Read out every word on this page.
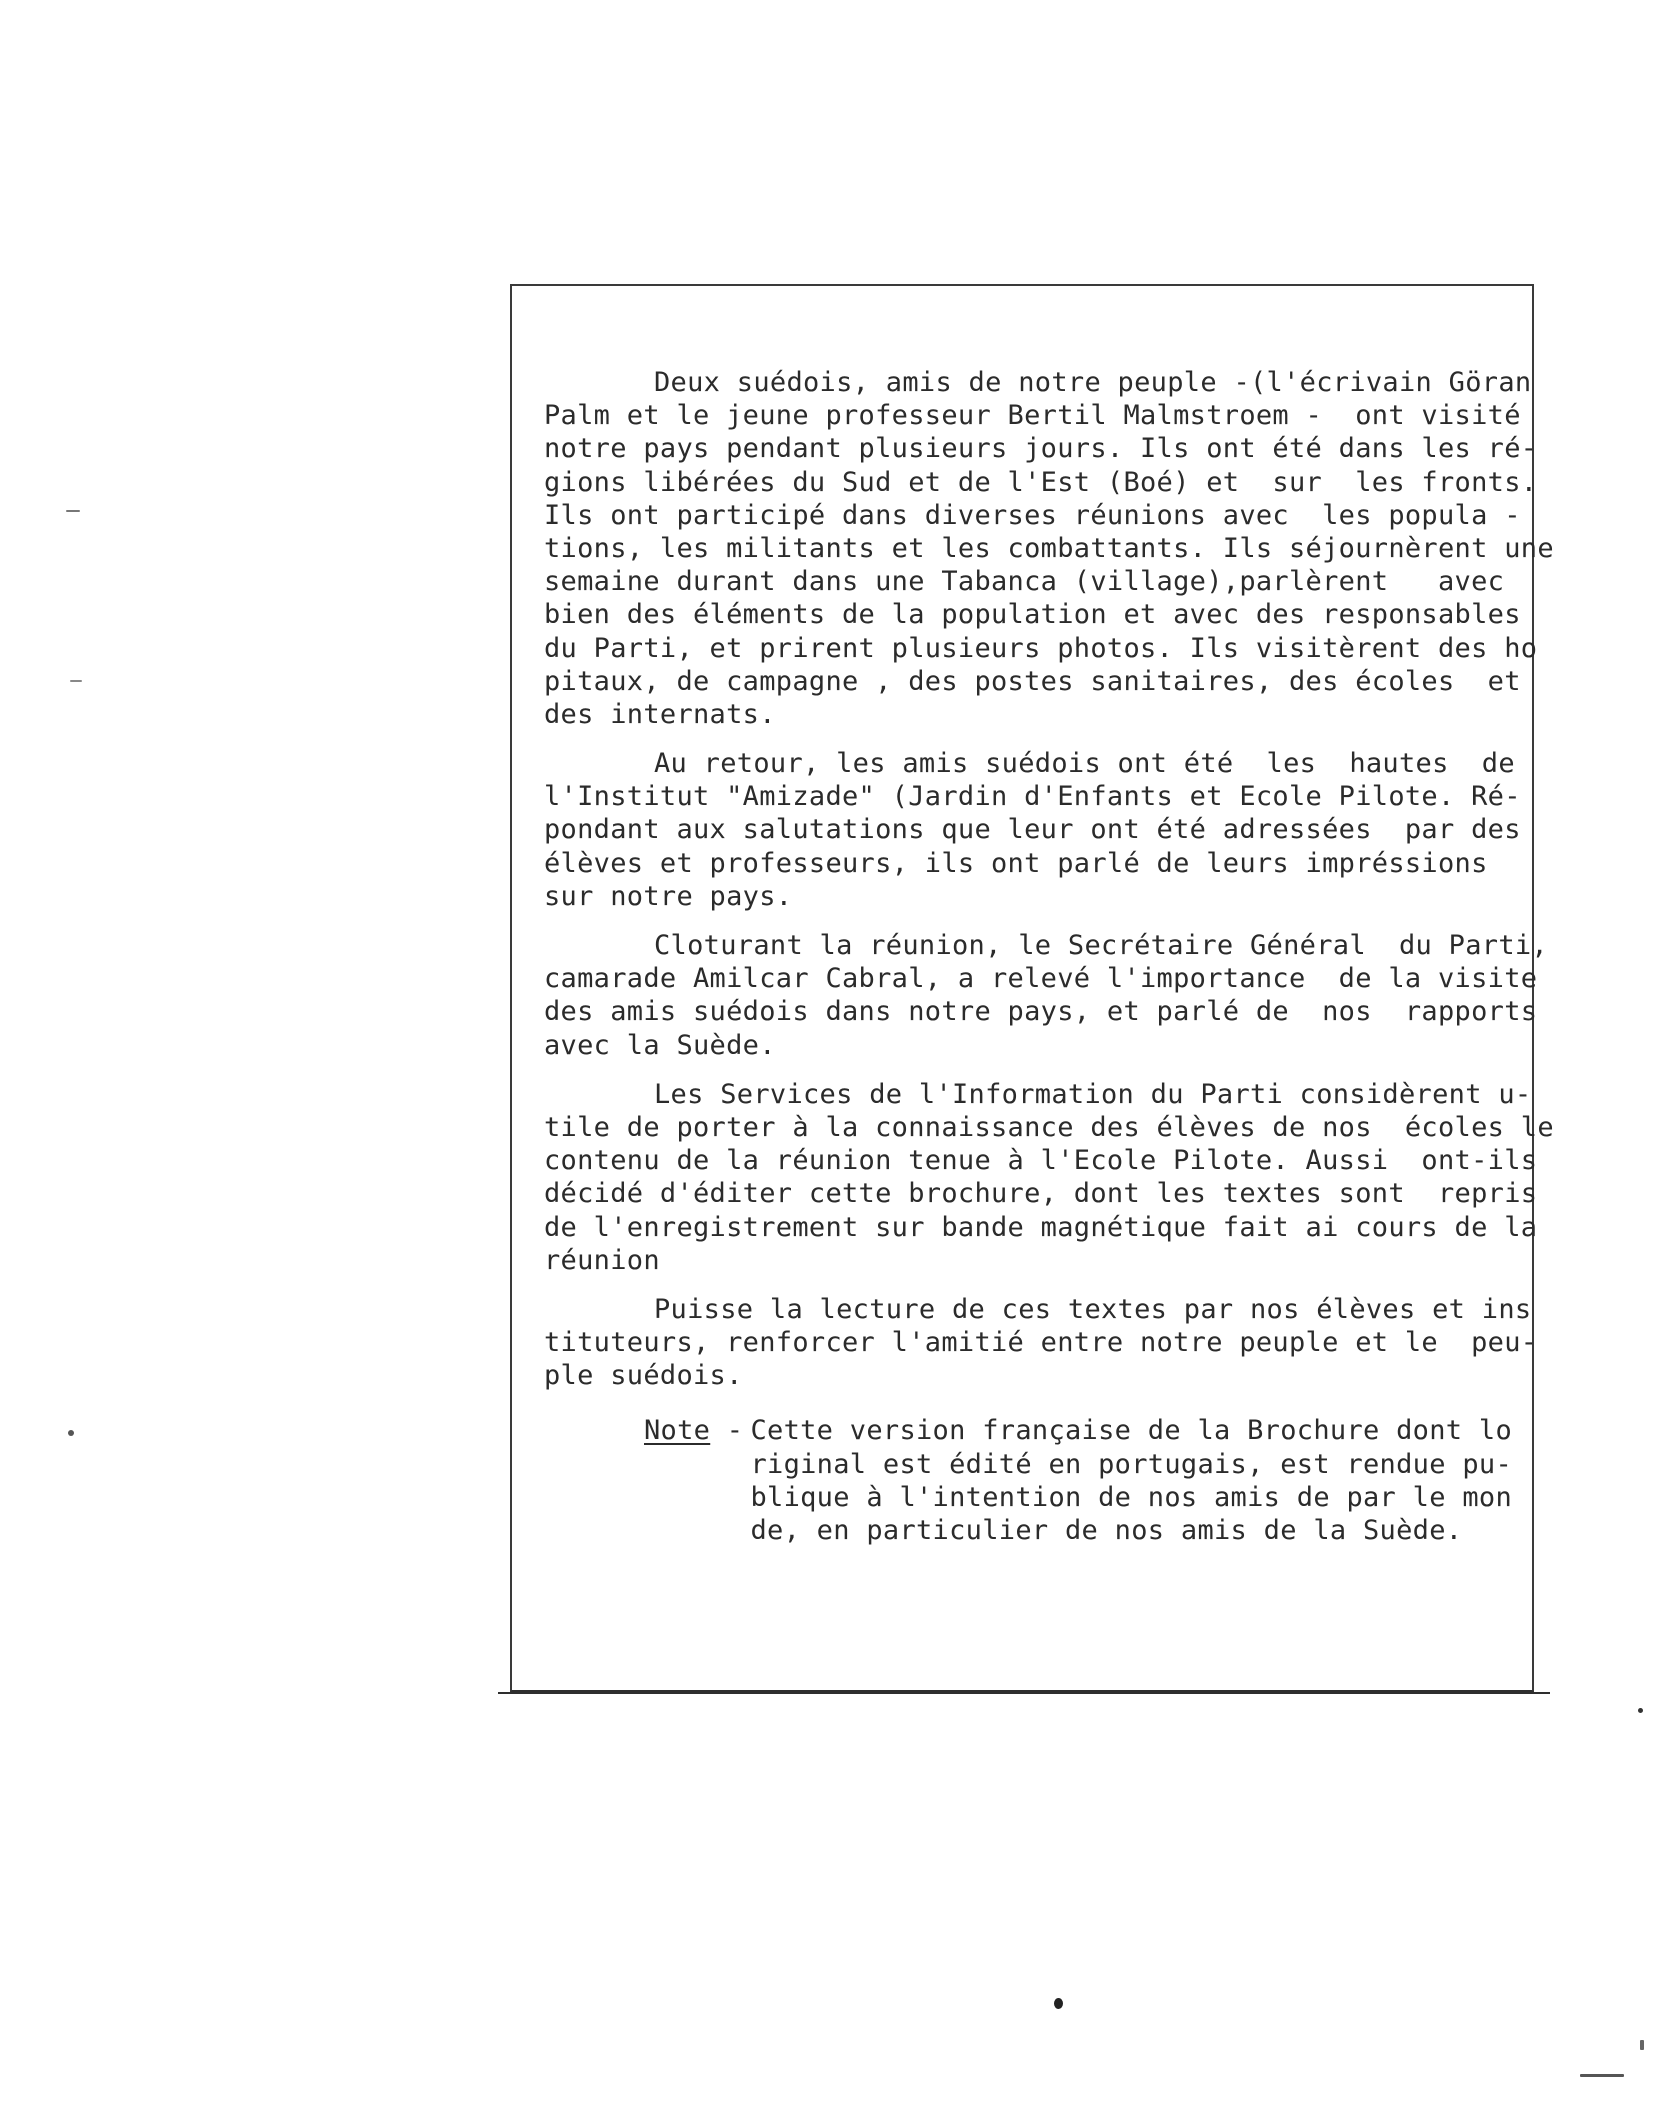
Deux suédois, amis de notre peuple -(l'écrivain Göran
Palm et le jeune professeur Bertil Malmstroem -  ont visité
notre pays pendant plusieurs jours. Ils ont été dans les ré-
gions libérées du Sud et de l'Est (Boé) et  sur  les fronts.
Ils ont participé dans diverses réunions avec  les popula -
tions, les militants et les combattants. Ils séjournèrent une
semaine durant dans une Tabanca (village),parlèrent   avec
bien des éléments de la population et avec des responsables
du Parti, et prirent plusieurs photos. Ils visitèrent des ho
pitaux, de campagne , des postes sanitaires, des écoles  et
des internats.
Au retour, les amis suédois ont été  les  hautes  de
l'Institut "Amizade" (Jardin d'Enfants et Ecole Pilote. Ré-
pondant aux salutations que leur ont été adressées  par des
élèves et professeurs, ils ont parlé de leurs impréssions
sur notre pays.
Cloturant la réunion, le Secrétaire Général  du Parti,
camarade Amilcar Cabral, a relevé l'importance  de la visite
des amis suédois dans notre pays, et parlé de  nos  rapports
avec la Suède.
Les Services de l'Information du Parti considèrent u-
tile de porter à la connaissance des élèves de nos  écoles le
contenu de la réunion tenue à l'Ecole Pilote. Aussi  ont-ils
décidé d'éditer cette brochure, dont les textes sont  repris
de l'enregistrement sur bande magnétique fait ai cours de la
réunion
Puisse la lecture de ces textes par nos élèves et ins
tituteurs, renforcer l'amitié entre notre peuple et le  peu-
ple suédois.
Note - Cette version française de la Brochure dont lo
riginal est édité en portugais, est rendue pu-
blique à l'intention de nos amis de par le mon
de, en particulier de nos amis de la Suède.
